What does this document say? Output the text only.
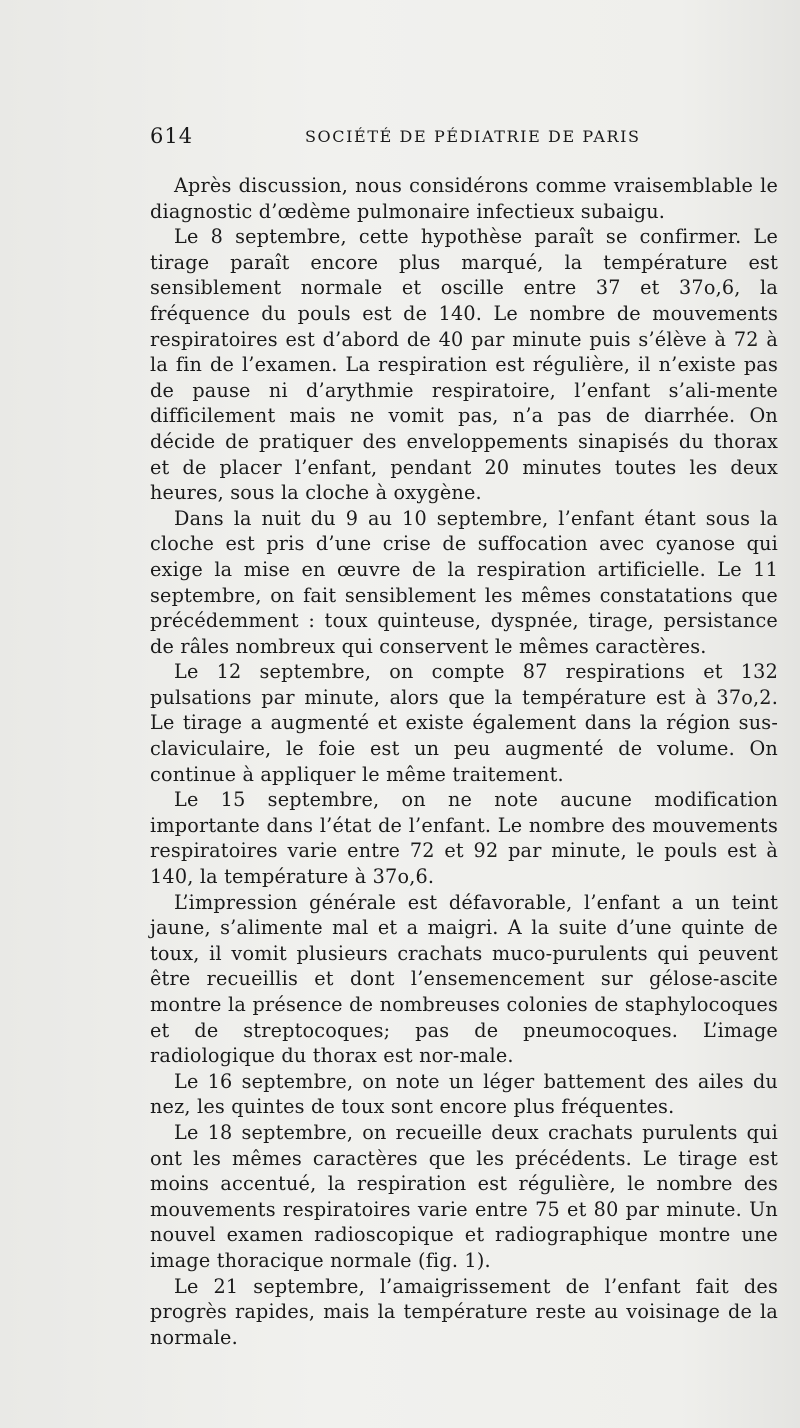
614	SOCIÉTÉ DE PÉDIATRIE DE PARIS

Après discussion, nous considérons comme vraisemblable le diagnostic d’œdème pulmonaire infectieux subaigu.

Le 8 septembre, cette hypothèse paraît se confirmer. Le tirage paraît encore plus marqué, la température est sensiblement normale et oscille entre 37 et 37o,6, la fréquence du pouls est de 140. Le nombre de mouvements respiratoires est d’abord de 40 par minute puis s’élève à 72 à la fin de l’examen. La respiration est régulière, il n’existe pas de pause ni d’arythmie respiratoire, l’enfant s’ali-mente difficilement mais ne vomit pas, n’a pas de diarrhée. On décide de pratiquer des enveloppements sinapisés du thorax et de placer l’enfant, pendant 20 minutes toutes les deux heures, sous la cloche à oxygène.

Dans la nuit du 9 au 10 septembre, l’enfant étant sous la cloche est pris d’une crise de suffocation avec cyanose qui exige la mise en œuvre de la respiration artificielle. Le 11 septembre, on fait sensiblement les mêmes constatations que précédemment : toux quinteuse, dyspnée, tirage, persistance de râles nombreux qui conservent le mêmes caractères.

Le 12 septembre, on compte 87 respirations et 132 pulsations par minute, alors que la température est à 37o,2. Le tirage a augmenté et existe également dans la région sus-claviculaire, le foie est un peu augmenté de volume. On continue à appliquer le même traitement.

Le 15 septembre, on ne note aucune modification importante dans l’état de l’enfant. Le nombre des mouvements respiratoires varie entre 72 et 92 par minute, le pouls est à 140, la température à 37o,6.

L’impression générale est défavorable, l’enfant a un teint jaune, s’alimente mal et a maigri. A la suite d’une quinte de toux, il vomit plusieurs crachats muco-purulents qui peuvent être recueillis et dont l’ensemencement sur gélose-ascite montre la présence de nombreuses colonies de staphylocoques et de streptocoques; pas de pneumocoques. L’image radiologique du thorax est nor-male.

Le 16 septembre, on note un léger battement des ailes du nez, les quintes de toux sont encore plus fréquentes.

Le 18 septembre, on recueille deux crachats purulents qui ont les mêmes caractères que les précédents. Le tirage est moins accentué, la respiration est régulière, le nombre des mouvements respiratoires varie entre 75 et 80 par minute. Un nouvel examen radioscopique et radiographique montre une image thoracique normale (fig. 1).

Le 21 septembre, l’amaigrissement de l’enfant fait des progrès rapides, mais la température reste au voisinage de la normale.
